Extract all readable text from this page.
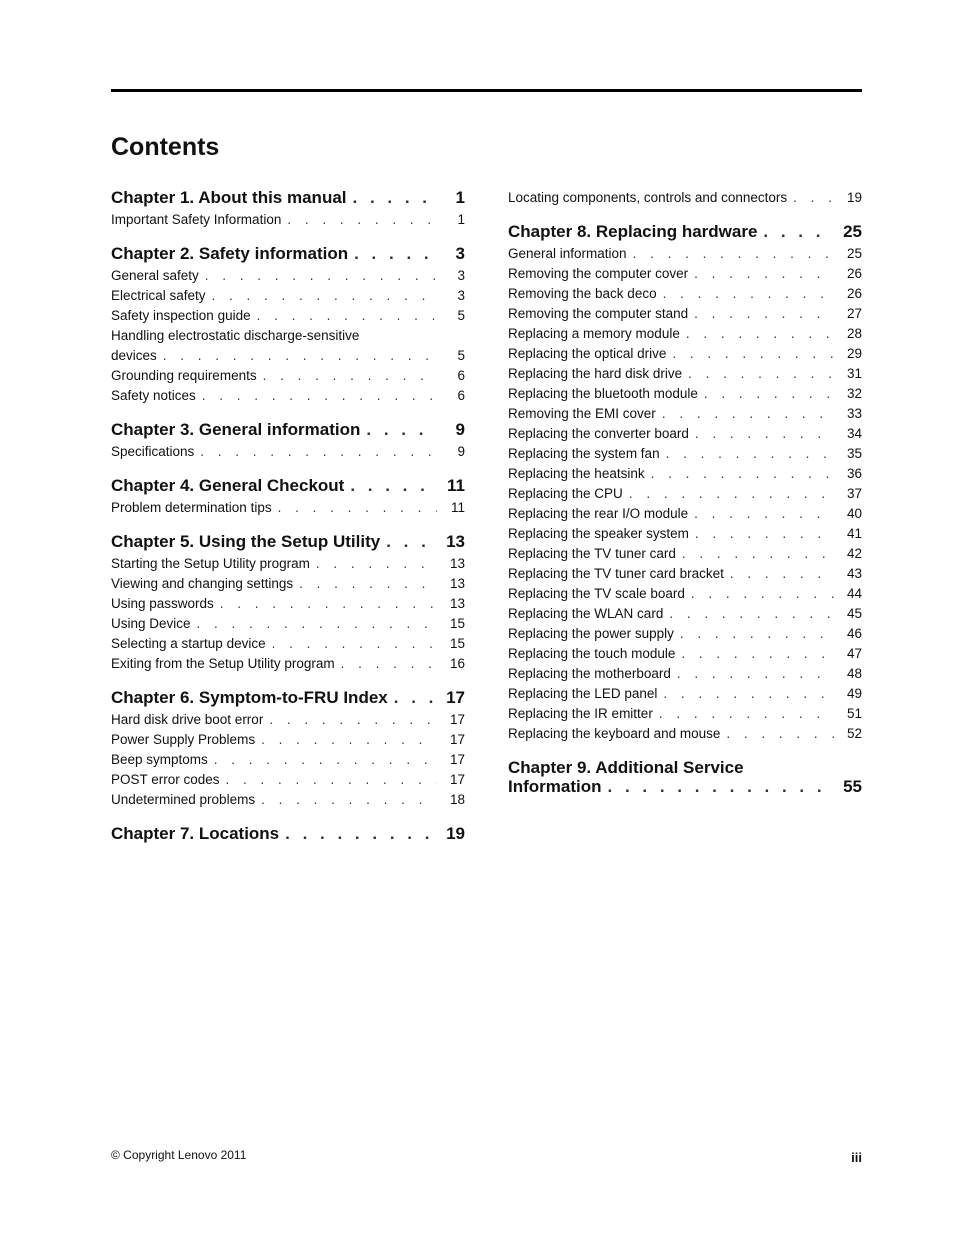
Contents
Chapter 1. About this manual . . .	1
Important Safety Information . . .	1
Chapter 2. Safety information . . .	3
General safety . . .	3
Electrical safety . . .	3
Safety inspection guide . . .	5
Handling electrostatic discharge-sensitive
devices . . .	5
Grounding requirements . . .	6
Safety notices . . .	6
Chapter 3. General information . . .	9
Specifications . . .	9
Chapter 4. General Checkout . . .	11
Problem determination tips . . .	11
Chapter 5. Using the Setup Utility . . .	13
Starting the Setup Utility program . . .	13
Viewing and changing settings . . .	13
Using passwords . . .	13
Using Device . . .	15
Selecting a startup device . . .	15
Exiting from the Setup Utility program . . .	16
Chapter 6. Symptom-to-FRU Index . . .	17
Hard disk drive boot error . . .	17
Power Supply Problems . . .	17
Beep symptoms . . .	17
POST error codes . . .	17
Undetermined problems . . .	18
Chapter 7. Locations . . .	19
Locating components, controls and connectors . . .	19
Chapter 8. Replacing hardware . . .	25
General information . . .	25
Removing the computer cover . . .	26
Removing the back deco . . .	26
Removing the computer stand . . .	27
Replacing a memory module . . .	28
Replacing the optical drive . . .	29
Replacing the hard disk drive . . .	31
Replacing the bluetooth module . . .	32
Removing the EMI cover . . .	33
Replacing the converter board . . .	34
Replacing the system fan . . .	35
Replacing the heatsink . . .	36
Replacing the CPU . . .	37
Replacing the rear I/O module . . .	40
Replacing the speaker system . . .	41
Replacing the TV tuner card . . .	42
Replacing the TV tuner card bracket . . .	43
Replacing the TV scale board . . .	44
Replacing the WLAN card . . .	45
Replacing the power supply . . .	46
Replacing the touch module . . .	47
Replacing the motherboard . . .	48
Replacing the LED panel . . .	49
Replacing the IR emitter . . .	51
Replacing the keyboard and mouse . . .	52
Chapter 9. Additional Service
Information . . .	55
© Copyright Lenovo 2011	iii
